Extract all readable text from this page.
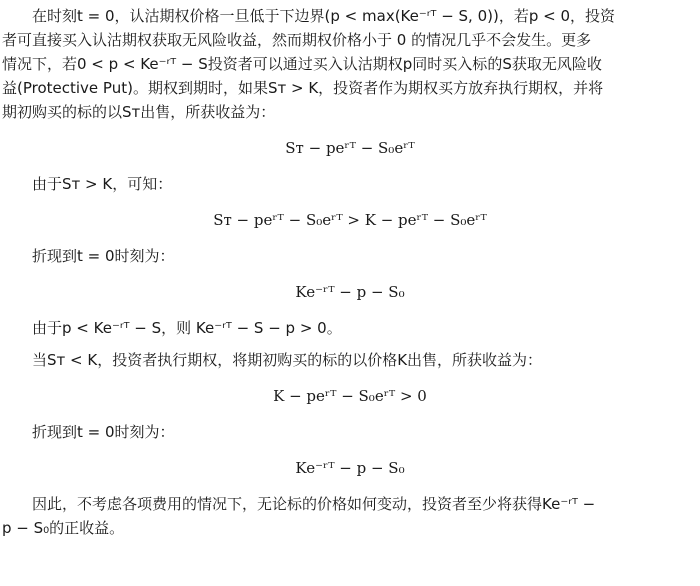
在时刻t = 0，认沽期权价格一旦低于下边界(p < max(Ke⁻ʳᵀ − S, 0))，若p < 0，投资

者可直接买入认沽期权获取无风险收益，然而期权价格小于 0 的情况几乎不会发生。更多

情况下，若0 < p < Ke⁻ʳᵀ − S投资者可以通过买入认沽期权p同时买入标的S获取无风险收

益(Protective Put)。期权到期时，如果Sᴛ > K，投资者作为期权买方放弃执行期权，并将

期初购买的标的以Sᴛ出售，所获收益为：

Sᴛ − peʳᵀ − S₀eʳᵀ

由于Sᴛ > K，可知：

Sᴛ − peʳᵀ − S₀eʳᵀ > K − peʳᵀ − S₀eʳᵀ

折现到t = 0时刻为：

Ke⁻ʳᵀ − p − S₀

由于p < Ke⁻ʳᵀ − S，则 Ke⁻ʳᵀ − S − p > 0。

当Sᴛ < K，投资者执行期权，将期初购买的标的以价格K出售，所获收益为：

K − peʳᵀ − S₀eʳᵀ > 0

折现到t = 0时刻为：

Ke⁻ʳᵀ − p − S₀

因此，不考虑各项费用的情况下，无论标的价格如何变动，投资者至少将获得Ke⁻ʳᵀ −

p − S₀的正收益。
